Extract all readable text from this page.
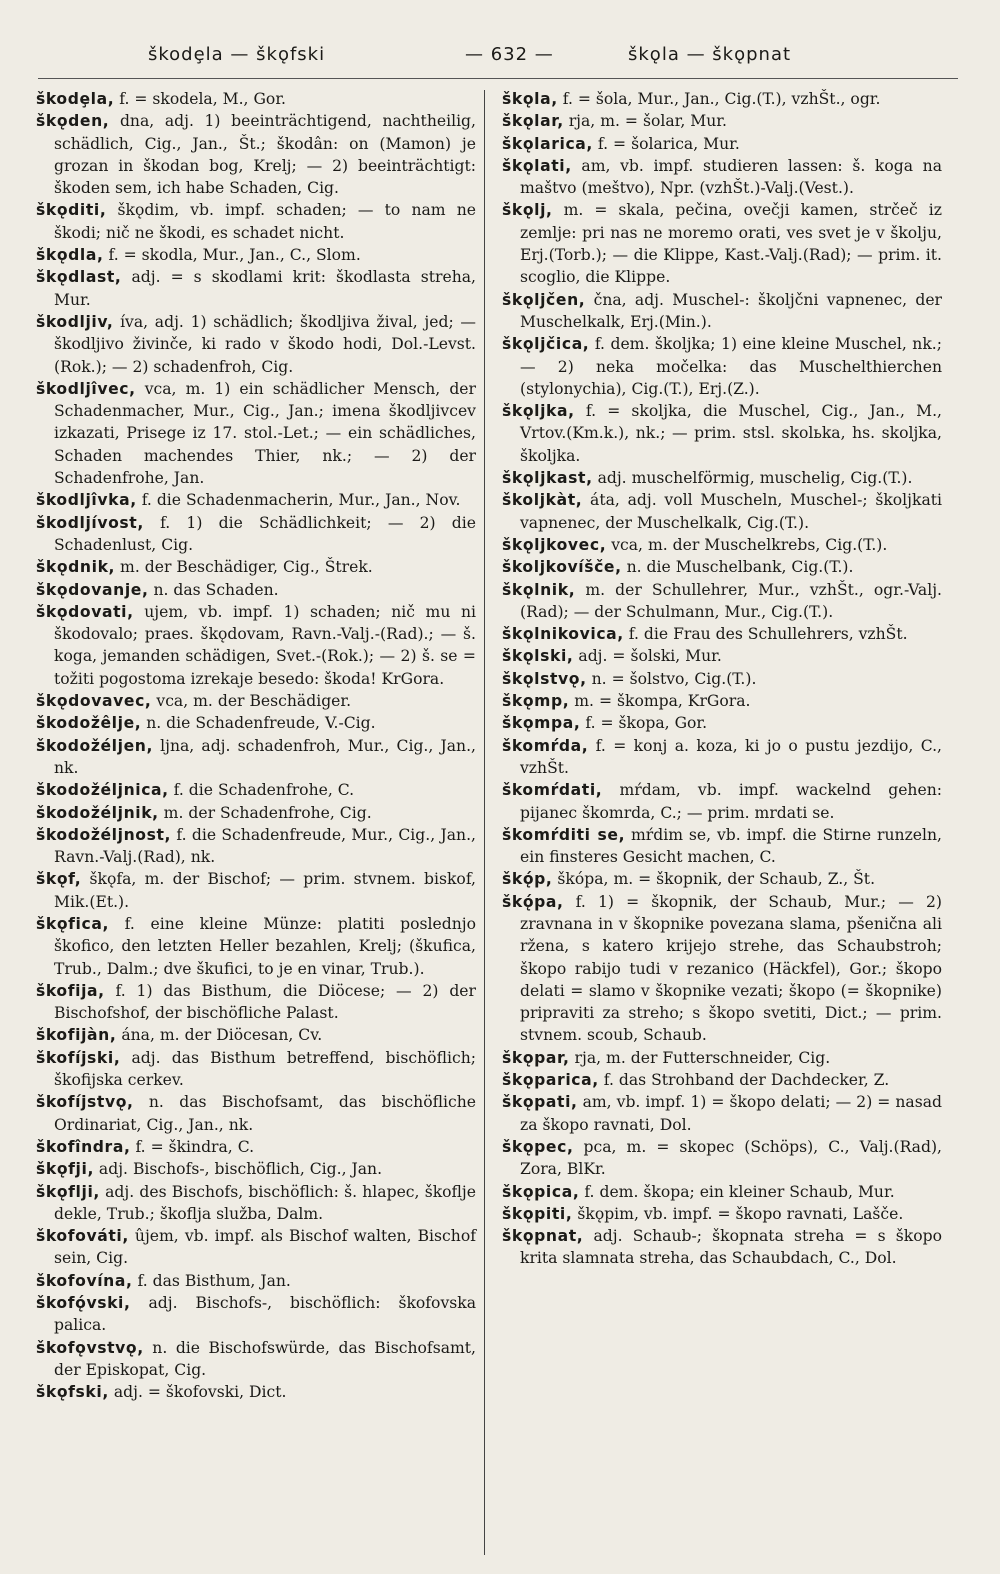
škodȩla — škǫfski	— 632 —	škǫla — škǫpnat

škodȩla, f. = skodela, M., Gor.

škǫden, dna, adj. 1) beeinträchtigend, nachtheilig, schädlich, Cig., Jan., Št.; škodân: on (Mamon) je grozan in škodan bog, Krelj; — 2) beeinträchtigt: škoden sem, ich habe Schaden, Cig.

škǫditi, škǫdim, vb. impf. schaden; — to nam ne škodi; nič ne škodi, es schadet nicht.

škǫdla, f. = skodla, Mur., Jan., C., Slom.

škǫdlast, adj. = s skodlami krit: škodlasta streha, Mur.

škodljiv, íva, adj. 1) schädlich; škodljiva žival, jed; — škodljivo živinče, ki rado v škodo hodi, Dol.-Levst.(Rok.); — 2) schadenfroh, Cig.

škodljîvec, vca, m. 1) ein schädlicher Mensch, der Schadenmacher, Mur., Cig., Jan.; imena škodljivcev izkazati, Prisege iz 17. stol.-Let.; — ein schädliches, Schaden machendes Thier, nk.; — 2) der Schadenfrohe, Jan.

škodljîvka, f. die Schadenmacherin, Mur., Jan., Nov.

škodljívost, f. 1) die Schädlichkeit; — 2) die Schadenlust, Cig.

škǫdnik, m. der Beschädiger, Cig., Štrek.

škǫdovanje, n. das Schaden.

škǫdovati, ujem, vb. impf. 1) schaden; nič mu ni škodovalo; praes. škǫdovam, Ravn.-Valj.-(Rad).; — š. koga, jemanden schädigen, Svet.-(Rok.); — 2) š. se = tožiti pogostoma izrekaje besedo: škoda! KrGora.

škǫdovavec, vca, m. der Beschädiger.

škodožêlje, n. die Schadenfreude, V.-Cig.

škodožéljen, ljna, adj. schadenfroh, Mur., Cig., Jan., nk.

škodožéljnica, f. die Schadenfrohe, C.

škodožéljnik, m. der Schadenfrohe, Cig.

škodožéljnost, f. die Schadenfreude, Mur., Cig., Jan., Ravn.-Valj.(Rad), nk.

škǫf, škǫfa, m. der Bischof; — prim. stvnem. biskof, Mik.(Et.).

škǫfica, f. eine kleine Münze: platiti poslednjo škofico, den letzten Heller bezahlen, Krelj; (škufica, Trub., Dalm.; dve škufici, to je en vinar, Trub.).

škofija, f. 1) das Bisthum, die Diöcese; — 2) der Bischofshof, der bischöfliche Palast.

škofijàn, ána, m. der Diöcesan, Cv.

škofíjski, adj. das Bisthum betreffend, bischöflich; škofijska cerkev.

škofíjstvǫ, n. das Bischofsamt, das bischöfliche Ordinariat, Cig., Jan., nk.

škofîndra, f. = škindra, C.

škǫfji, adj. Bischofs-, bischöflich, Cig., Jan.

škǫflji, adj. des Bischofs, bischöflich: š. hlapec, škoflje dekle, Trub.; škoflja služba, Dalm.

škofováti, ûjem, vb. impf. als Bischof walten, Bischof sein, Cig.

škofovína, f. das Bisthum, Jan.

škofǫ́vski, adj. Bischofs-, bischöflich: škofovska palica.

škofǫvstvǫ, n. die Bischofswürde, das Bischofsamt, der Episkopat, Cig.

škǫfski, adj. = škofovski, Dict.

škǫla, f. = šola, Mur., Jan., Cig.(T.), vzhŠt., ogr.

škǫlar, rja, m. = šolar, Mur.

škǫlarica, f. = šolarica, Mur.

škǫlati, am, vb. impf. studieren lassen: š. koga na maštvo (meštvo), Npr. (vzhŠt.)-Valj.(Vest.).

škǫlj, m. = skala, pečina, ovečji kamen, strčeč iz zemlje: pri nas ne moremo orati, ves svet je v školju, Erj.(Torb.); — die Klippe, Kast.-Valj.(Rad); — prim. it. scoglio, die Klippe.

škǫljčen, čna, adj. Muschel-: školjčni vapnenec, der Muschelkalk, Erj.(Min.).

škǫljčica, f. dem. školjka; 1) eine kleine Muschel, nk.; — 2) neka močelka: das Muschelthierchen (stylonychia), Cig.(T.), Erj.(Z.).

škǫljka, f. = skoljka, die Muschel, Cig., Jan., M., Vrtov.(Km.k.), nk.; — prim. stsl. skolьka, hs. skoljka, školjka.

škǫljkast, adj. muschelförmig, muschelig, Cig.(T.).

školjkàt, áta, adj. voll Muscheln, Muschel-; školjkati vapnenec, der Muschelkalk, Cig.(T.).

škǫljkovec, vca, m. der Muschelkrebs, Cig.(T.).

školjkovíšče, n. die Muschelbank, Cig.(T.).

škǫlnik, m. der Schullehrer, Mur., vzhŠt., ogr.-Valj.(Rad); — der Schulmann, Mur., Cig.(T.).

škǫlnikovica, f. die Frau des Schullehrers, vzhŠt.

škǫlski, adj. = šolski, Mur.

škǫlstvǫ, n. = šolstvo, Cig.(T.).

škǫmp, m. = škompa, KrGora.

škǫmpa, f. = škopa, Gor.

škomŕda, f. = konj a. koza, ki jo o pustu jezdijo, C., vzhŠt.

škomŕdati, mŕdam, vb. impf. wackelnd gehen: pijanec škomrda, C.; — prim. mrdati se.

škomŕditi se, mŕdim se, vb. impf. die Stirne runzeln, ein finsteres Gesicht machen, C.

škǫ́p, škópa, m. = škopnik, der Schaub, Z., Št.

škǫ́pa, f. 1) = škopnik, der Schaub, Mur.; — 2) zravnana in v škopnike povezana slama, pšenična ali ržena, s katero krijejo strehe, das Schaubstroh; škopo rabijo tudi v rezanico (Häckfel), Gor.; škopo delati = slamo v škopnike vezati; škopo (= škopnike) pripraviti za streho; s škopo svetiti, Dict.; — prim. stvnem. scoub, Schaub.

škǫpar, rja, m. der Futterschneider, Cig.

škǫparica, f. das Strohband der Dachdecker, Z.

škǫpati, am, vb. impf. 1) = škopo delati; — 2) = nasad za škopo ravnati, Dol.

škǫpec, pca, m. = skopec (Schöps), C., Valj.(Rad), Zora, BlKr.

škǫpica, f. dem. škopa; ein kleiner Schaub, Mur.

škǫpiti, škǫpim, vb. impf. = škopo ravnati, Lašče.

škǫpnat, adj. Schaub-; škopnata streha = s škopo krita slamnata streha, das Schaubdach, C., Dol.
